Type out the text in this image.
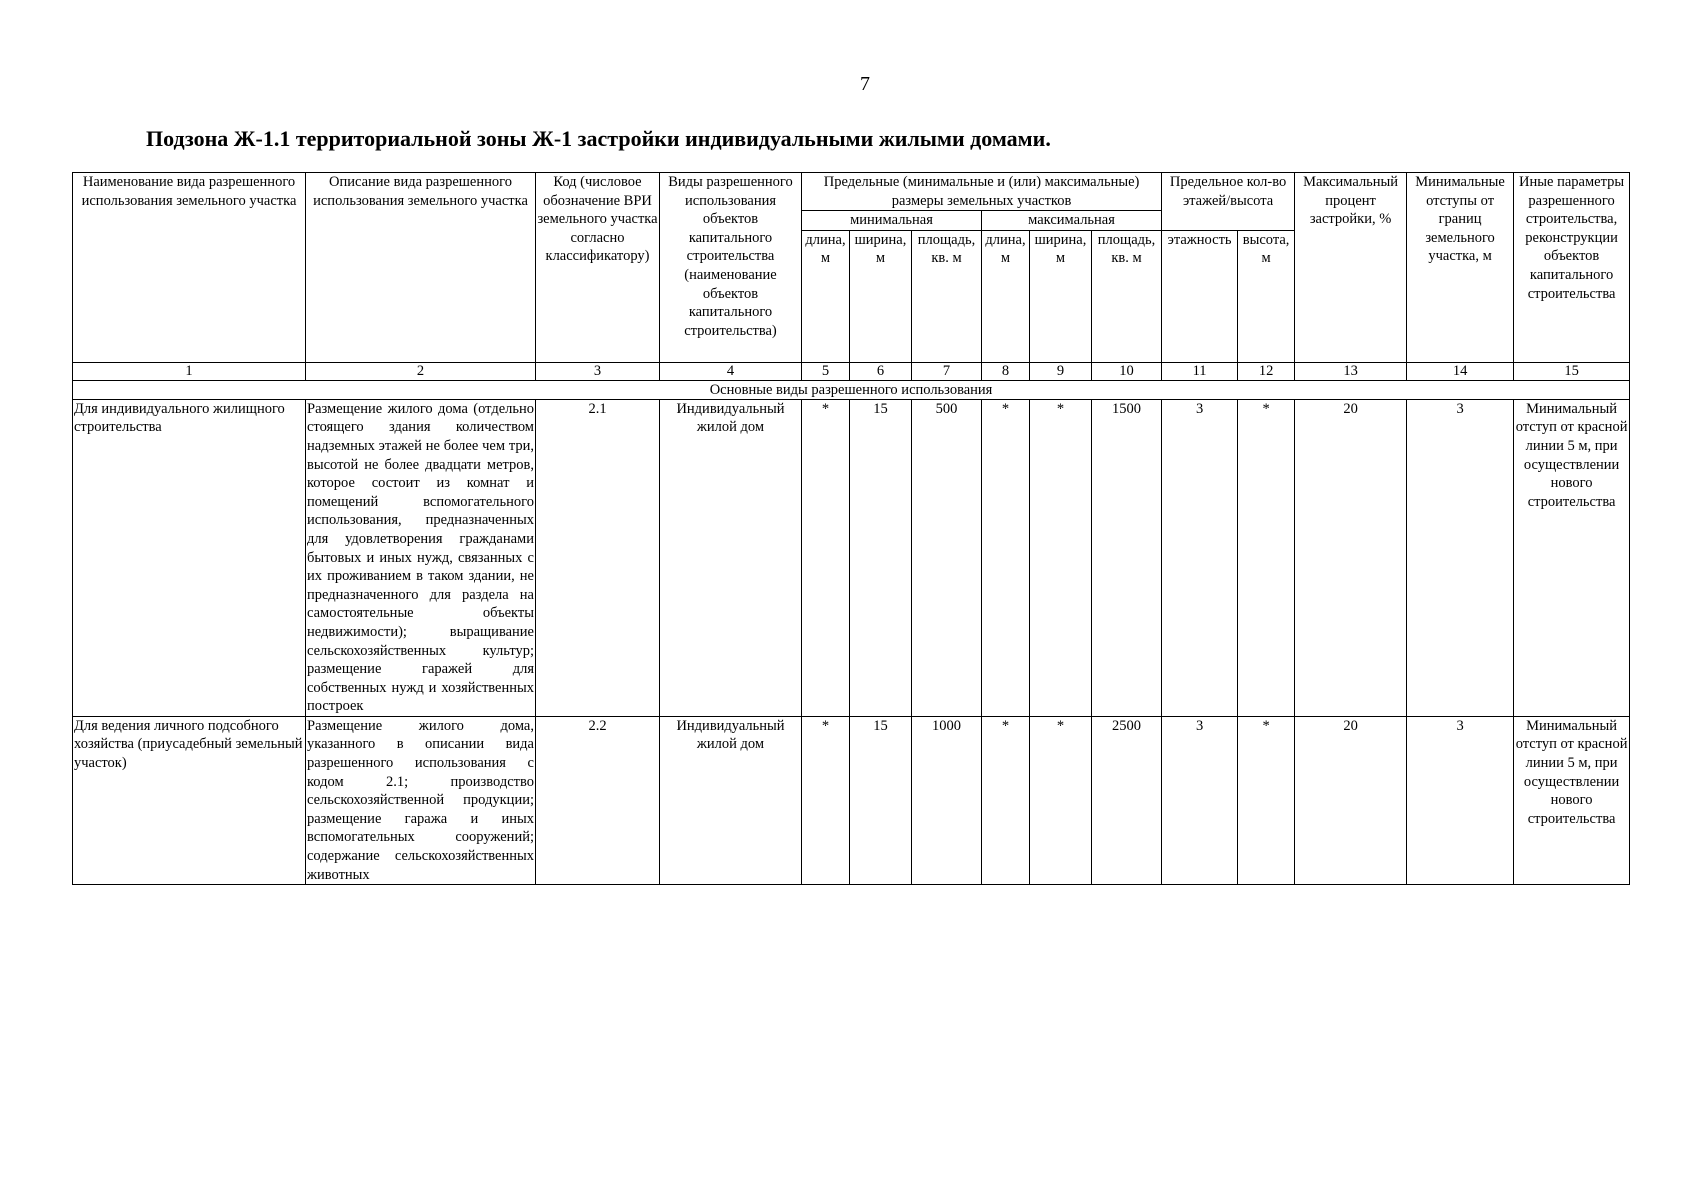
7
Подзона Ж-1.1 территориальной зоны Ж-1 застройки индивидуальными жилыми домами.
Наименование вида разрешенного использования земельного участка	Описание вида разрешенного использования земельного участка	Код (числовое обозначение ВРИ земельного участка согласно классификатору)	Виды разрешенного использования объектов капитального строительства (наименование объектов капитального строительства)	Предельные (минимальные и (или) максимальные) размеры земельных участков						Предельное кол-во этажей/высота		Максимальный процент застройки, %	Минимальные отступы от границ земельного участка, м	Иные параметры разрешенного строительства, реконструкции объектов капитального строительства
				минимальная			максимальная							
				длина, м	ширина, м	площадь, кв. м	длина, м	ширина, м	площадь, кв. м	этажность	высота, м			
1	2	3	4	5	6	7	8	9	10	11	12	13	14	15
Основные виды разрешенного использования														
Для индивидуального жилищного строительства	Размещение жилого дома (отдельно стоящего здания количеством надземных этажей не более чем три, высотой не более двадцати метров, которое состоит из комнат и помещений вспомогательного использования, предназначенных для удовлетворения гражданами бытовых и иных нужд, связанных с их проживанием в таком здании, не предназначенного для раздела на самостоятельные объекты недвижимости); выращивание сельскохозяйственных культур; размещение гаражей для собственных нужд и хозяйственных построек	2.1	Индивидуальный жилой дом	*	15	500	*	*	1500	3	*	20	3	Минимальный отступ от красной линии 5 м, при осуществлении нового строительства
Для ведения личного подсобного хозяйства (приусадебный земельный участок)	Размещение жилого дома, указанного в описании вида разрешенного использования с кодом 2.1; производство сельскохозяйственной продукции; размещение гаража и иных вспомогательных сооружений; содержание сельскохозяйственных животных	2.2	Индивидуальный жилой дом	*	15	1000	*	*	2500	3	*	20	3	Минимальный отступ от красной линии 5 м, при осуществлении нового строительства
